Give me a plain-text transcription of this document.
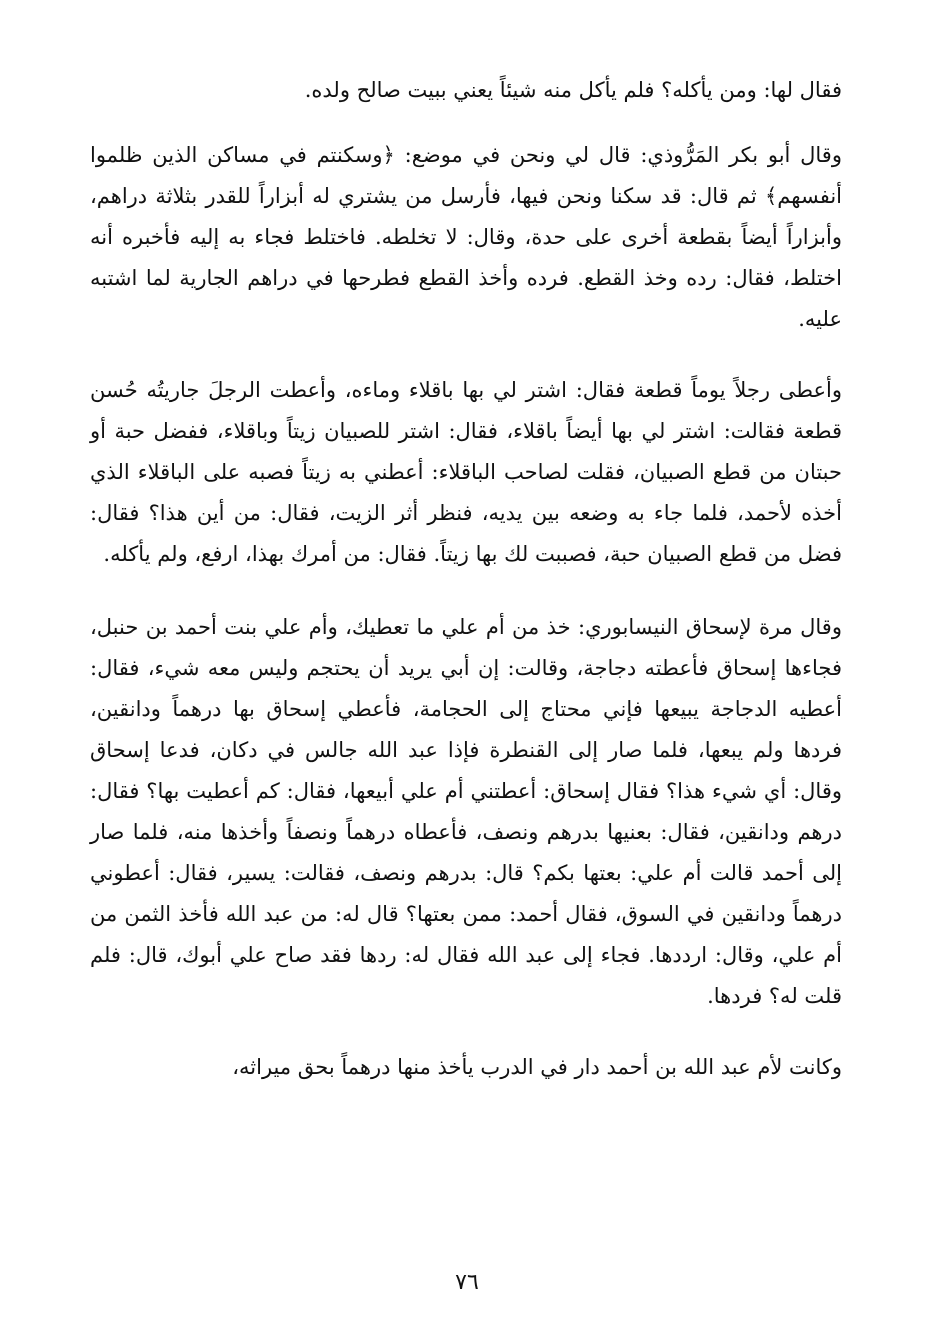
فقال لها: ومن يأكله؟ فلم يأكل منه شيئاً يعني ببيت صالح ولده.

وقال أبو بكر المَرُّوذي: قال لي ونحن في موضع: ﴿وسكنتم في مساكن الذين ظلموا أنفسهم﴾ ثم قال: قد سكنا ونحن فيها، فأرسل من يشتري له أبزاراً للقدر بثلاثة دراهم، وأبزاراً أيضاً بقطعة أخرى على حدة، وقال: لا تخلطه. فاختلط فجاء به إليه فأخبره أنه اختلط، فقال: رده وخذ القطع. فرده وأخذ القطع فطرحها في دراهم الجارية لما اشتبه عليه.

وأعطى رجلاً يوماً قطعة فقال: اشتر لي بها باقلاء وماءه، وأعطت الرجلَ جاريتُه حُسن قطعة فقالت: اشتر لي بها أيضاً باقلاء، فقال: اشتر للصبيان زيتاً وباقلاء، ففضل حبة أو حبتان من قطع الصبيان، فقلت لصاحب الباقلاء: أعطني به زيتاً فصبه على الباقلاء الذي أخذه لأحمد، فلما جاء به وضعه بين يديه، فنظر أثر الزيت، فقال: من أين هذا؟ فقال: فضل من قطع الصبيان حبة، فصببت لك بها زيتاً. فقال: من أمرك بهذا، ارفع، ولم يأكله.

وقال مرة لإسحاق النيسابوري: خذ من أم علي ما تعطيك، وأم علي بنت أحمد بن حنبل، فجاءها إسحاق فأعطته دجاجة، وقالت: إن أبي يريد أن يحتجم وليس معه شيء، فقال: أعطيه الدجاجة يبيعها فإني محتاج إلى الحجامة، فأعطي إسحاق بها درهماً ودانقين، فردها ولم يبعها، فلما صار إلى القنطرة فإذا عبد الله جالس في دكان، فدعا إسحاق وقال: أي شيء هذا؟ فقال إسحاق: أعطتني أم علي أبيعها، فقال: كم أعطيت بها؟ فقال: درهم ودانقين، فقال: بعنيها بدرهم ونصف، فأعطاه درهماً ونصفاً وأخذها منه، فلما صار إلى أحمد قالت أم علي: بعتها بكم؟ قال: بدرهم ونصف، فقالت: يسير، فقال: أعطوني درهماً ودانقين في السوق، فقال أحمد: ممن بعتها؟ قال له: من عبد الله فأخذ الثمن من أم علي، وقال: ارددها. فجاء إلى عبد الله فقال له: ردها فقد صاح علي أبوك، قال: فلم قلت له؟ فردها.

وكانت لأم عبد الله بن أحمد دار في الدرب يأخذ منها درهماً بحق ميراثه،

٧٦
